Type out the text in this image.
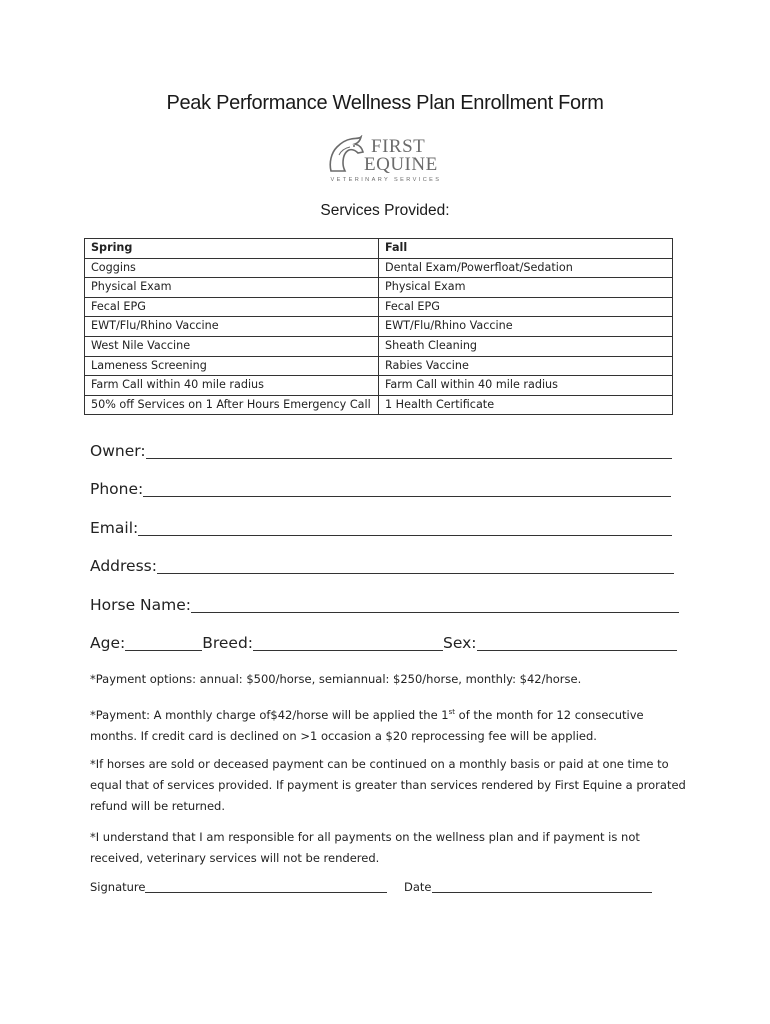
Peak Performance Wellness Plan Enrollment Form
FIRST
EQUINE
VETERINARY SERVICES
Services Provided:
Spring	Fall
Coggins	Dental Exam/Powerfloat/Sedation
Physical Exam	Physical Exam
Fecal EPG	Fecal EPG
EWT/Flu/Rhino Vaccine	EWT/Flu/Rhino Vaccine
West Nile Vaccine	Sheath Cleaning
Lameness Screening	Rabies Vaccine
Farm Call within 40 mile radius	Farm Call within 40 mile radius
50% off Services on 1 After Hours Emergency Call	1 Health Certificate
Owner:
Phone:
Email:
Address:
Horse Name:
Age:	Breed:	Sex:
*Payment options: annual: $500/horse, semiannual: $250/horse, monthly: $42/horse.
*Payment: A monthly charge of$42/horse will be applied the 1st of the month for 12 consecutive months. If credit card is declined on >1 occasion a $20 reprocessing fee will be applied.
*If horses are sold or deceased payment can be continued on a monthly basis or paid at one time to equal that of services provided. If payment is greater than services rendered by First Equine a prorated refund will be returned.
*I understand that I am responsible for all payments on the wellness plan and if payment is not received, veterinary services will not be rendered.
Signature	Date
